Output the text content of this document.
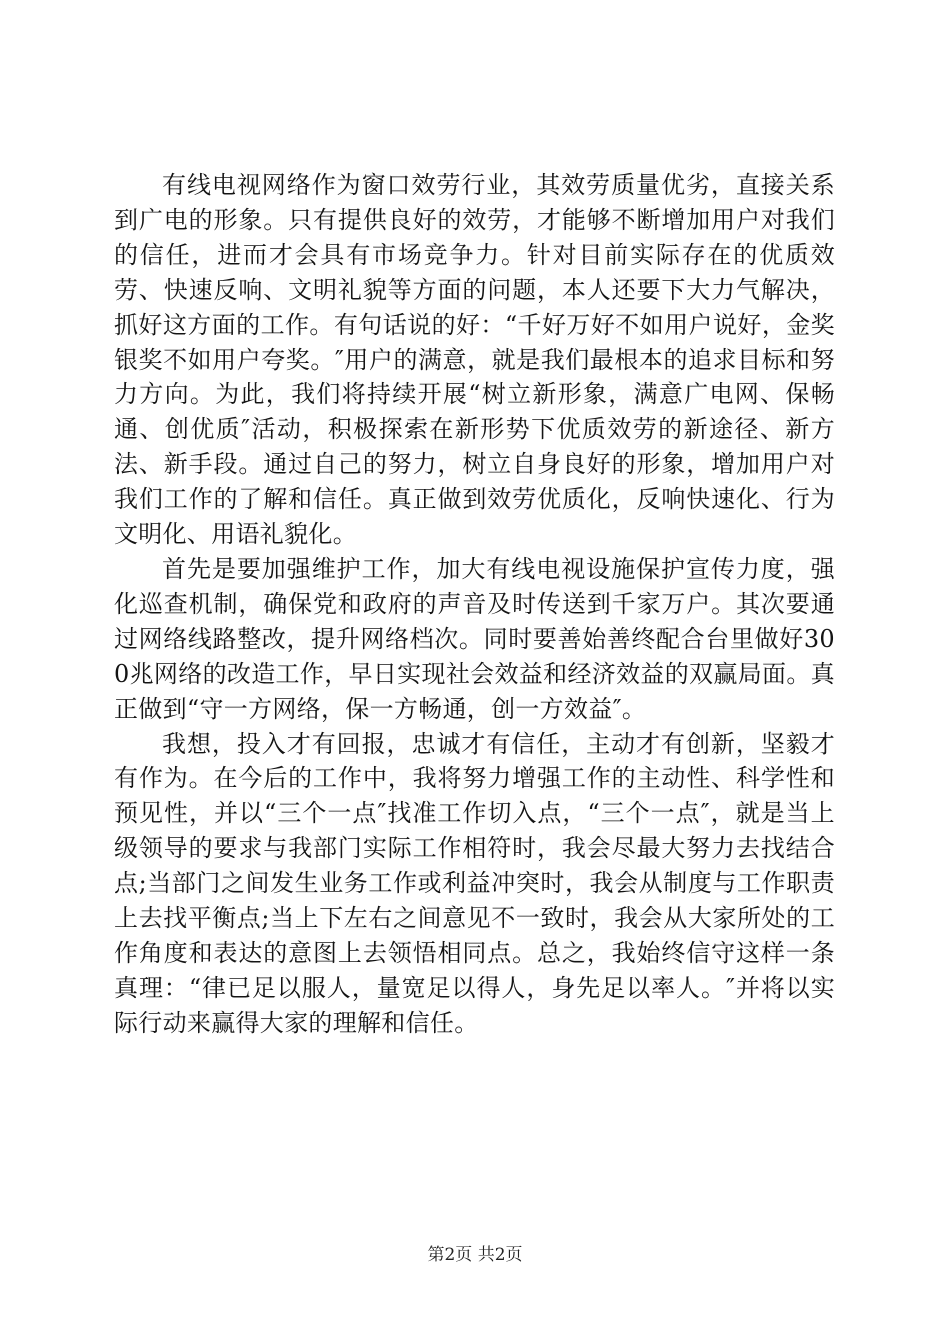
有线电视网络作为窗口效劳行业，其效劳质量优劣，直接关系到广电的形象。只有提供良好的效劳，才能够不断增加用户对我们的信任，进而才会具有市场竞争力。针对目前实际存在的优质效劳、快速反响、文明礼貌等方面的问题，本人还要下大力气解决，抓好这方面的工作。有句话说的好：“千好万好不如用户说好，金奖银奖不如用户夸奖。″用户的满意，就是我们最根本的追求目标和努力方向。为此，我们将持续开展“树立新形象，满意广电网、保畅通、创优质″活动，积极探索在新形势下优质效劳的新途径、新方法、新手段。通过自己的努力，树立自身良好的形象，增加用户对我们工作的了解和信任。真正做到效劳优质化，反响快速化、行为文明化、用语礼貌化。

首先是要加强维护工作，加大有线电视设施保护宣传力度，强化巡查机制，确保党和政府的声音及时传送到千家万户。其次要通过网络线路整改，提升网络档次。同时要善始善终配合台里做好300兆网络的改造工作，早日实现社会效益和经济效益的双赢局面。真正做到“守一方网络，保一方畅通，创一方效益″。

我想，投入才有回报，忠诚才有信任，主动才有创新，坚毅才有作为。在今后的工作中，我将努力增强工作的主动性、科学性和预见性，并以“三个一点″找准工作切入点，“三个一点″，就是当上级领导的要求与我部门实际工作相符时，我会尽最大努力去找结合点;当部门之间发生业务工作或利益冲突时，我会从制度与工作职责上去找平衡点;当上下左右之间意见不一致时，我会从大家所处的工作角度和表达的意图上去领悟相同点。总之，我始终信守这样一条真理：“律已足以服人，量宽足以得人，身先足以率人。″并将以实际行动来赢得大家的理解和信任。

第2页 共2页
